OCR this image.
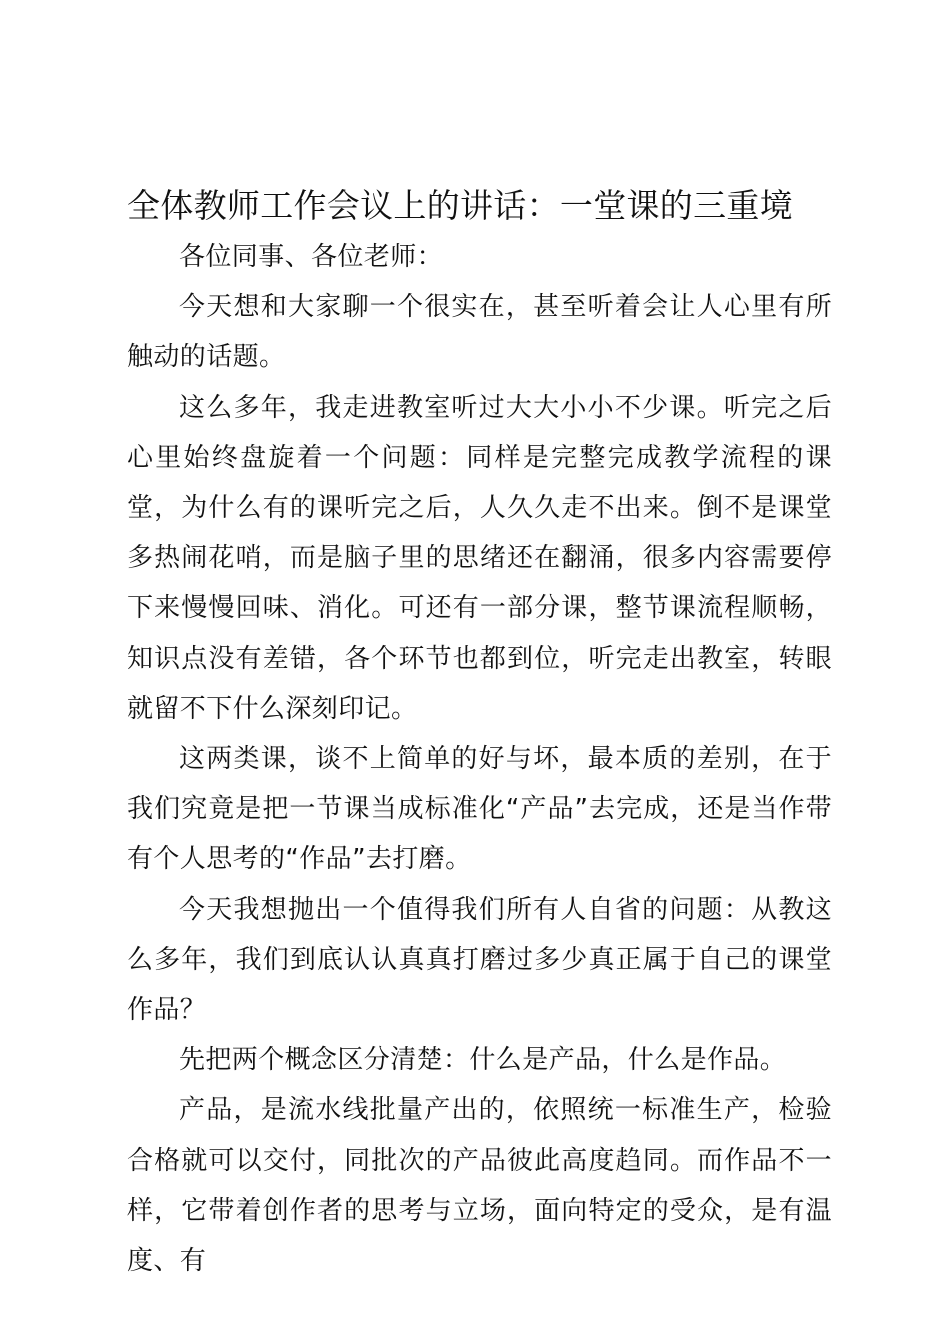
全体教师工作会议上的讲话：一堂课的三重境

各位同事、各位老师：

今天想和大家聊一个很实在，甚至听着会让人心里有所触动的话题。

这么多年，我走进教室听过大大小小不少课。听完之后心里始终盘旋着一个问题：同样是完整完成教学流程的课堂，为什么有的课听完之后，人久久走不出来。倒不是课堂多热闹花哨，而是脑子里的思绪还在翻涌，很多内容需要停下来慢慢回味、消化。可还有一部分课，整节课流程顺畅，知识点没有差错，各个环节也都到位，听完走出教室，转眼就留不下什么深刻印记。

这两类课，谈不上简单的好与坏，最本质的差别，在于我们究竟是把一节课当成标准化“产品”去完成，还是当作带有个人思考的“作品”去打磨。

今天我想抛出一个值得我们所有人自省的问题：从教这么多年，我们到底认认真真打磨过多少真正属于自己的课堂作品？

先把两个概念区分清楚：什么是产品，什么是作品。

产品，是流水线批量产出的，依照统一标准生产，检验合格就可以交付，同批次的产品彼此高度趋同。而作品不一样，它带着创作者的思考与立场，面向特定的受众，是有温度、有
